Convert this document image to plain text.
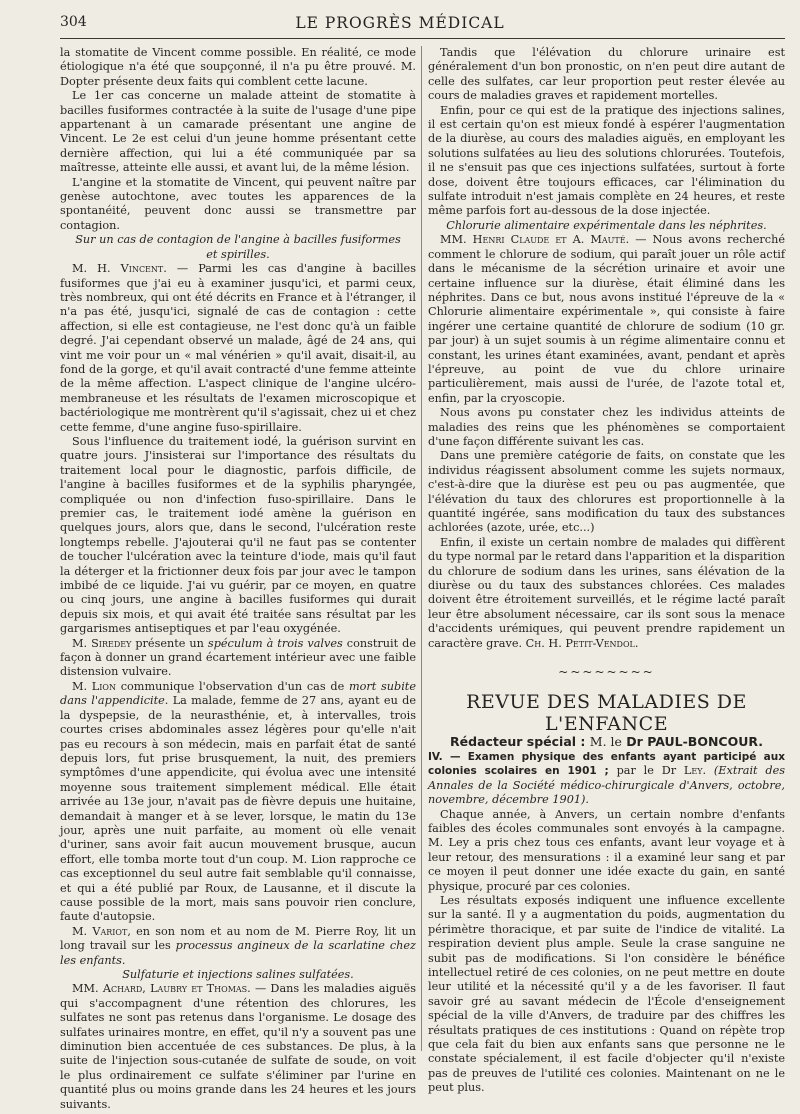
304	LE PROGRÈS MÉDICAL

la stomatite de Vincent comme possible. En réalité, ce mode étiologique n'a été que soupçonné, il n'a pu être prouvé. M. Dopter présente deux faits qui comblent cette lacune.

Le 1er cas concerne un malade atteint de stomatite à bacilles fusiformes contractée à la suite de l'usage d'une pipe appartenant à un camarade présentant une angine de Vincent. Le 2e est celui d'un jeune homme présentant cette dernière affection, qui lui a été communiquée par sa maîtresse, atteinte elle aussi, et avant lui, de la même lésion.

L'angine et la stomatite de Vincent, qui peuvent naître par genèse autochtone, avec toutes les apparences de la spontanéité, peuvent donc aussi se transmettre par contagion.

Sur un cas de contagion de l'angine à bacilles fusiformes
et spirilles.

M. H. Vincent. — Parmi les cas d'angine à bacilles fusiformes que j'ai eu à examiner jusqu'ici, et parmi ceux, très nombreux, qui ont été décrits en France et à l'étranger, il n'a pas été, jusqu'ici, signalé de cas de contagion : cette affection, si elle est contagieuse, ne l'est donc qu'à un faible degré. J'ai cependant observé un malade, âgé de 24 ans, qui vint me voir pour un « mal vénérien » qu'il avait, disait-il, au fond de la gorge, et qu'il avait contracté d'une femme atteinte de la même affection. L'aspect clinique de l'angine ulcéro-membraneuse et les résultats de l'examen microscopique et bactériologique me montrèrent qu'il s'agissait, chez ui et chez cette femme, d'une angine fuso-spirillaire.

Sous l'influence du traitement iodé, la guérison survint en quatre jours. J'insisterai sur l'importance des résultats du traitement local pour le diagnostic, parfois difficile, de l'angine à bacilles fusiformes et de la syphilis pharyngée, compliquée ou non d'infection fuso-spirillaire. Dans le premier cas, le traitement iodé amène la guérison en quelques jours, alors que, dans le second, l'ulcération reste longtemps rebelle. J'ajouterai qu'il ne faut pas se contenter de toucher l'ulcération avec la teinture d'iode, mais qu'il faut la déterger et la frictionner deux fois par jour avec le tampon imbibé de ce liquide. J'ai vu guérir, par ce moyen, en quatre ou cinq jours, une angine à bacilles fusiformes qui durait depuis six mois, et qui avait été traitée sans résultat par les gargarismes antiseptiques et par l'eau oxygénée.

M. Siredey présente un spéculum à trois valves construit de façon à donner un grand écartement intérieur avec une faible distension vulvaire.

M. Lion communique l'observation d'un cas de mort subite dans l'appendicite. La malade, femme de 27 ans, ayant eu de la dyspepsie, de la neurasthénie, et, à intervalles, trois courtes crises abdominales assez légères pour qu'elle n'ait pas eu recours à son médecin, mais en parfait état de santé depuis lors, fut prise brusquement, la nuit, des premiers symptômes d'une appendicite, qui évolua avec une intensité moyenne sous traitement simplement médical. Elle était arrivée au 13e jour, n'avait pas de fièvre depuis une huitaine, demandait à manger et à se lever, lorsque, le matin du 13e jour, après une nuit parfaite, au moment où elle venait d'uriner, sans avoir fait aucun mouvement brusque, aucun effort, elle tomba morte tout d'un coup. M. Lion rapproche ce cas exceptionnel du seul autre fait semblable qu'il connaisse, et qui a été publié par Roux, de Lausanne, et il discute la cause possible de la mort, mais sans pouvoir rien conclure, faute d'autopsie.

M. Variot, en son nom et au nom de M. Pierre Roy, lit un long travail sur les processus angineux de la scarlatine chez les enfants.

Sulfaturie et injections salines sulfatées.

MM. Achard, Laubry et Thomas. — Dans les maladies aiguës qui s'accompagnent d'une rétention des chlorures, les sulfates ne sont pas retenus dans l'organisme. Le dosage des sulfates urinaires montre, en effet, qu'il n'y a souvent pas une diminution bien accentuée de ces substances. De plus, à la suite de l'injection sous-cutanée de sulfate de soude, on voit le plus ordinairement ce sulfate s'éliminer par l'urine en quantité plus ou moins grande dans les 24 heures et les jours suivants.

Tandis que l'élévation du chlorure urinaire est généralement d'un bon pronostic, on n'en peut dire autant de celle des sulfates, car leur proportion peut rester élevée au cours de maladies graves et rapidement mortelles.

Enfin, pour ce qui est de la pratique des injections salines, il est certain qu'on est mieux fondé à espérer l'augmentation de la diurèse, au cours des maladies aiguës, en employant les solutions sulfatées au lieu des solutions chlorurées. Toutefois, il ne s'ensuit pas que ces injections sulfatées, surtout à forte dose, doivent être toujours efficaces, car l'élimination du sulfate introduit n'est jamais complète en 24 heures, et reste même parfois fort au-dessous de la dose injectée.

Chlorurie alimentaire expérimentale dans les néphrites.

MM. Henri Claude et A. Mauté. — Nous avons recherché comment le chlorure de sodium, qui paraît jouer un rôle actif dans le mécanisme de la sécrétion urinaire et avoir une certaine influence sur la diurèse, était éliminé dans les néphrites. Dans ce but, nous avons institué l'épreuve de la « Chlorurie alimentaire expérimentale », qui consiste à faire ingérer une certaine quantité de chlorure de sodium (10 gr. par jour) à un sujet soumis à un régime alimentaire connu et constant, les urines étant examinées, avant, pendant et après l'épreuve, au point de vue du chlore urinaire particulièrement, mais aussi de l'urée, de l'azote total et, enfin, par la cryoscopie.

Nous avons pu constater chez les individus atteints de maladies des reins que les phénomènes se comportaient d'une façon différente suivant les cas.

Dans une première catégorie de faits, on constate que les individus réagissent absolument comme les sujets normaux, c'est-à-dire que la diurèse est peu ou pas augmentée, que l'élévation du taux des chlorures est proportionnelle à la quantité ingérée, sans modification du taux des substances achlorées (azote, urée, etc...)

Enfin, il existe un certain nombre de malades qui diffèrent du type normal par le retard dans l'apparition et la disparition du chlorure de sodium dans les urines, sans élévation de la diurèse ou du taux des substances chlorées. Ces malades doivent être étroitement surveillés, et le régime lacté paraît leur être absolument nécessaire, car ils sont sous la menace d'accidents urémiques, qui peuvent prendre rapidement un caractère grave. Ch. H. Petit-Vendol.

~~~~~~~~

REVUE DES MALADIES DE L'ENFANCE

Rédacteur spécial : M. le Dr PAUL-BONCOUR.

IV. — Examen physique des enfants ayant participé aux colonies scolaires en 1901 ; par le Dr Ley. (Extrait des Annales de la Société médico-chirurgicale d'Anvers, octobre, novembre, décembre 1901).

Chaque année, à Anvers, un certain nombre d'enfants faibles des écoles communales sont envoyés à la campagne. M. Ley a pris chez tous ces enfants, avant leur voyage et à leur retour, des mensurations : il a examiné leur sang et par ce moyen il peut donner une idée exacte du gain, en santé physique, procuré par ces colonies.

Les résultats exposés indiquent une influence excellente sur la santé. Il y a augmentation du poids, augmentation du périmètre thoracique, et par suite de l'indice de vitalité. La respiration devient plus ample. Seule la crase sanguine ne subit pas de modifications. Si l'on considère le bénéfice intellectuel retiré de ces colonies, on ne peut mettre en doute leur utilité et la nécessité qu'il y a de les favoriser. Il faut savoir gré au savant médecin de l'École d'enseignement spécial de la ville d'Anvers, de traduire par des chiffres les résultats pratiques de ces institutions : Quand on répète trop que cela fait du bien aux enfants sans que personne ne le constate spécialement, il est facile d'objecter qu'il n'existe pas de preuves de l'utilité ces colonies. Maintenant on ne le peut plus.
